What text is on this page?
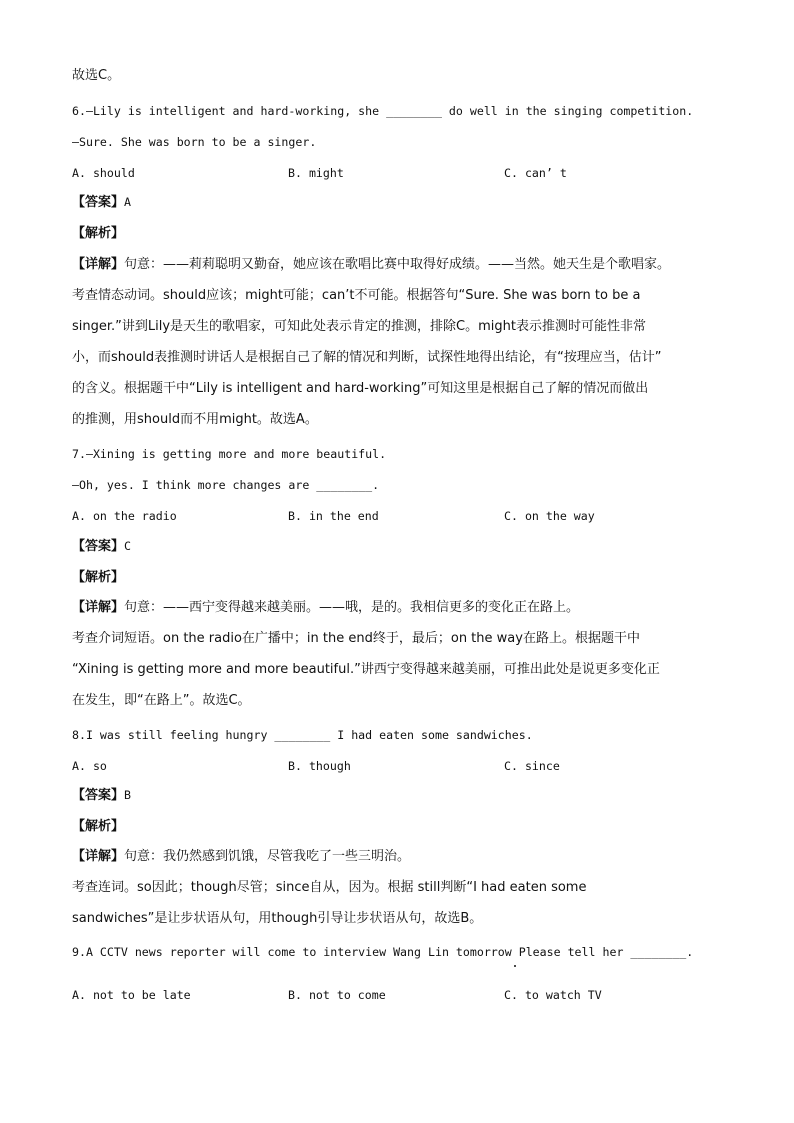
故选C。
6.—Lily is intelligent and hard-working, she ________ do well in the singing competition.
—Sure. She was born to be a singer.
A. should	B. might	C. can’ t
【答案】A
【解析】
【详解】句意：——莉莉聪明又勤奋，她应该在歌唱比赛中取得好成绩。——当然。她天生是个歌唱家。
考查情态动词。should应该；might可能；can’t不可能。根据答句“Sure. She was born to be a
singer.”讲到Lily是天生的歌唱家，可知此处表示肯定的推测，排除C。might表示推测时可能性非常
小，而should表推测时讲话人是根据自己了解的情况和判断，试探性地得出结论，有“按理应当，估计”
的含义。根据题干中“Lily is intelligent and hard-working”可知这里是根据自己了解的情况而做出
的推测，用should而不用might。故选A。
7.—Xining is getting more and more beautiful.
—Oh, yes. I think more changes are ________.
A. on the radio	B. in the end	C. on the way
【答案】C
【解析】
【详解】句意：——西宁变得越来越美丽。——哦，是的。我相信更多的变化正在路上。
考查介词短语。on the radio在广播中；in the end终于，最后；on the way在路上。根据题干中
“Xining is getting more and more beautiful.”讲西宁变得越来越美丽，可推出此处是说更多变化正
在发生，即“在路上”。故选C。
8.I was still feeling hungry ________ I had eaten some sandwiches.
A. so	B. though	C. since
【答案】B
【解析】
【详解】句意：我仍然感到饥饿，尽管我吃了一些三明治。
考查连词。so因此；though尽管；since自从，因为。根据 still判断“I had eaten some
sandwiches”是让步状语从句，用though引导让步状语从句，故选B。
9.A CCTV news reporter will come to interview Wang Lin tomorrow Please tell her ________.
A. not to be late	B. not to come	C. to watch TV
